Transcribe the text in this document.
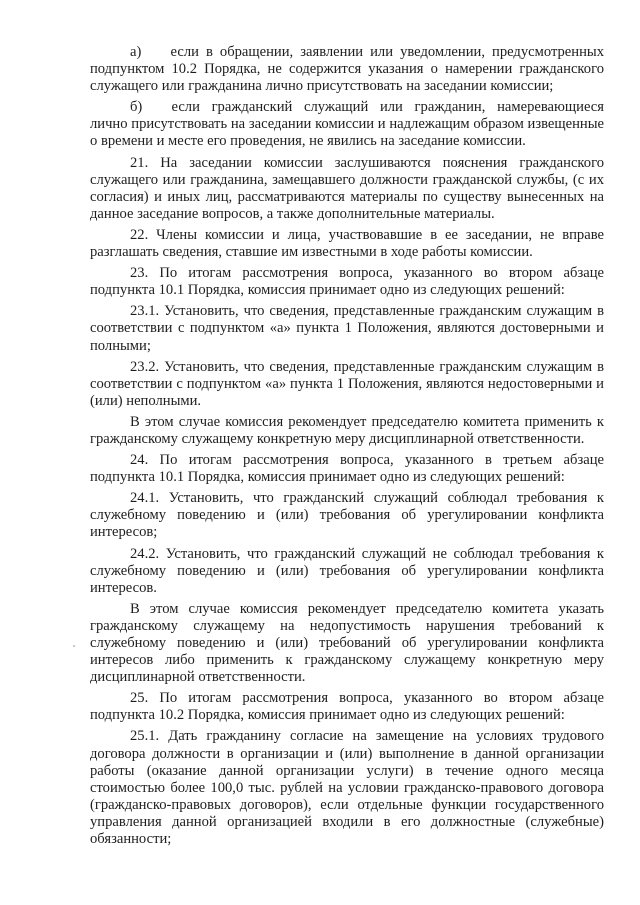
а)  если в обращении, заявлении или уведомлении, предусмотренных подпунктом 10.2 Порядка, не содержится указания о намерении гражданского служащего или гражданина лично присутствовать на заседании комиссии;

б)  если гражданский служащий или гражданин, намеревающиеся лично присутствовать на заседании комиссии и надлежащим образом извещенные о времени и месте его проведения, не явились на заседание комиссии.

21. На заседании комиссии заслушиваются пояснения гражданского служащего или гражданина, замещавшего должности гражданской службы, (с их согласия) и иных лиц, рассматриваются материалы по существу вынесенных на данное заседание вопросов, а также дополнительные материалы.

22. Члены комиссии и лица, участвовавшие в ее заседании, не вправе разглашать сведения, ставшие им известными в ходе работы комиссии.

23. По итогам рассмотрения вопроса, указанного во втором абзаце подпункта 10.1 Порядка, комиссия принимает одно из следующих решений:

23.1. Установить, что сведения, представленные гражданским служащим в соответствии с подпунктом «а» пункта 1 Положения, являются достоверными и полными;

23.2. Установить, что сведения, представленные гражданским служащим в соответствии с подпунктом «а» пункта 1 Положения, являются недостоверными и (или) неполными.

В этом случае комиссия рекомендует председателю комитета применить к гражданскому служащему конкретную меру дисциплинарной ответственности.

24. По итогам рассмотрения вопроса, указанного в третьем абзаце подпункта 10.1 Порядка, комиссия принимает одно из следующих решений:

24.1. Установить, что гражданский служащий соблюдал требования к служебному поведению и (или) требования об урегулировании конфликта интересов;

24.2. Установить, что гражданский служащий не соблюдал требования к служебному поведению и (или) требования об урегулировании конфликта интересов.

В этом случае комиссия рекомендует председателю комитета указать гражданскому служащему на недопустимость нарушения требований к служебному поведению и (или) требований об урегулировании конфликта интересов либо применить к гражданскому служащему конкретную меру дисциплинарной ответственности.

25. По итогам рассмотрения вопроса, указанного во втором абзаце подпункта 10.2 Порядка, комиссия принимает одно из следующих решений:

25.1. Дать гражданину согласие на замещение на условиях трудового договора должности в организации и (или) выполнение в данной организации работы (оказание данной организации услуги) в течение одного месяца стоимостью более 100,0 тыс. рублей на условии гражданско-правового договора (гражданско-правовых договоров), если отдельные функции государственного управления данной организацией входили в его должностные (служебные) обязанности;
